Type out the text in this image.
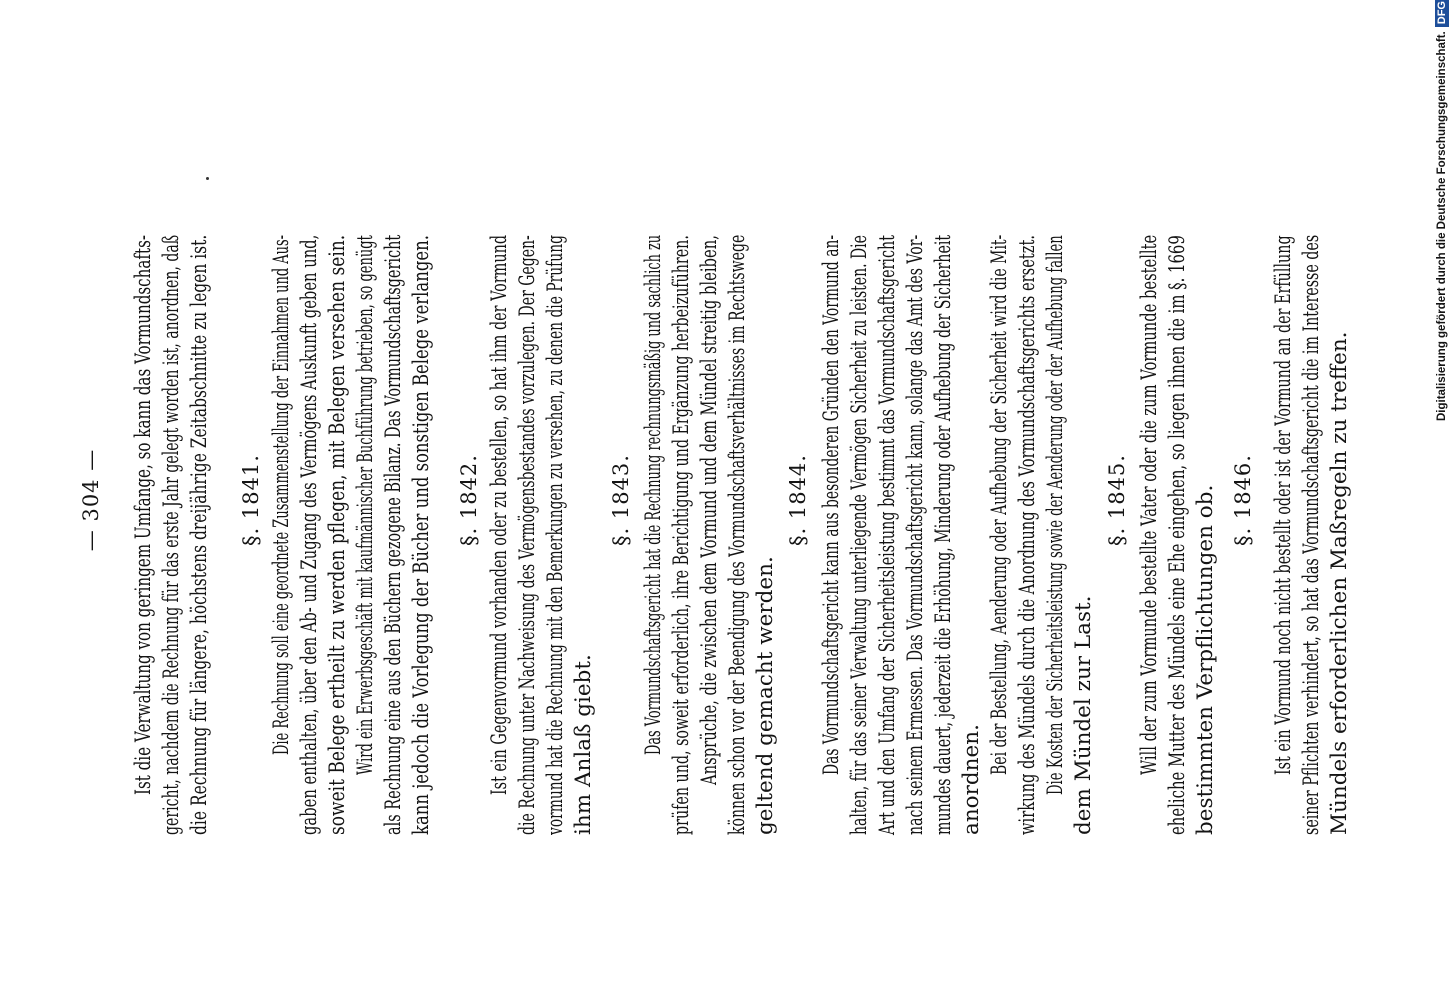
— 304 — Ist die Verwaltung von geringem Umfange, so kann das Vormundschafts- gericht, nachdem die Rechnung für das erste Jahr gelegt worden ist, anordnen, daß die Rechnung für längere, höchstens dreijährige Zeitabschnitte zu legen ist. §. 1841. Die Rechnung soll eine geordnete Zusammenstellung der Einnahmen und Aus- gaben enthalten, über den Ab- und Zugang des Vermögens Auskunft geben und, soweit Belege ertheilt zu werden pflegen, mit Belegen versehen sein. Wird ein Erwerbsgeschäft mit kaufmännischer Buchführung betrieben, so genügt als Rechnung eine aus den Büchern gezogene Bilanz. Das Vormundschaftsgericht kann jedoch die Vorlegung der Bücher und sonstigen Belege verlangen. §. 1842. Ist ein Gegenvormund vorhanden oder zu bestellen, so hat ihm der Vormund die Rechnung unter Nachweisung des Vermögensbestandes vorzulegen. Der Gegen- vormund hat die Rechnung mit den Bemerkungen zu versehen, zu denen die Prüfung ihm Anlaß giebt.
§. 1843. Das Vormundschaftsgericht hat die Rechnung rechnungsmäßig und sachlich zu prüfen und, soweit erforderlich, ihre Berichtigung und Ergänzung herbeizuführen. Ansprüche, die zwischen dem Vormund und dem Mündel streitig bleiben, können schon vor der Beendigung des Vormundschaftsverhältnisses im Rechtswege geltend gemacht werden.
§. 1844. Das Vormundschaftsgericht kann aus besonderen Gründen den Vormund an- halten, für das seiner Verwaltung unterliegende Vermögen Sicherheit zu leisten. Die Art und den Umfang der Sicherheitsleistung bestimmt das Vormundschaftsgericht nach seinem Ermessen. Das Vormundschaftsgericht kann, solange das Amt des Vor- mundes dauert, jederzeit die Erhöhung, Minderung oder Aufhebung der Sicherheit anordnen.
Bei der Bestellung, Aenderung oder Aufhebung der Sicherheit wird die Mit- wirkung des Mündels durch die Anordnung des Vormundschaftsgerichts ersetzt. Die Kosten der Sicherheitsleistung sowie der Aenderung oder der Aufhebung fallen dem Mündel zur Last.
§. 1845. Will der zum Vormunde bestellte Vater oder die zum Vormunde bestellte eheliche Mutter des Mündels eine Ehe eingehen, so liegen ihnen die im §. 1669 bestimmten Verpflichtungen ob. §. 1846. Ist ein Vormund noch nicht bestellt oder ist der Vormund an der Erfüllung seiner Pflichten verhindert, so hat das Vormundschaftsgericht die im Interesse des Mündels erforderlichen Maßregeln zu treffen.
Digitalisierung gefördert durch die Deutsche Forschungsgemeinschaft.DFG
